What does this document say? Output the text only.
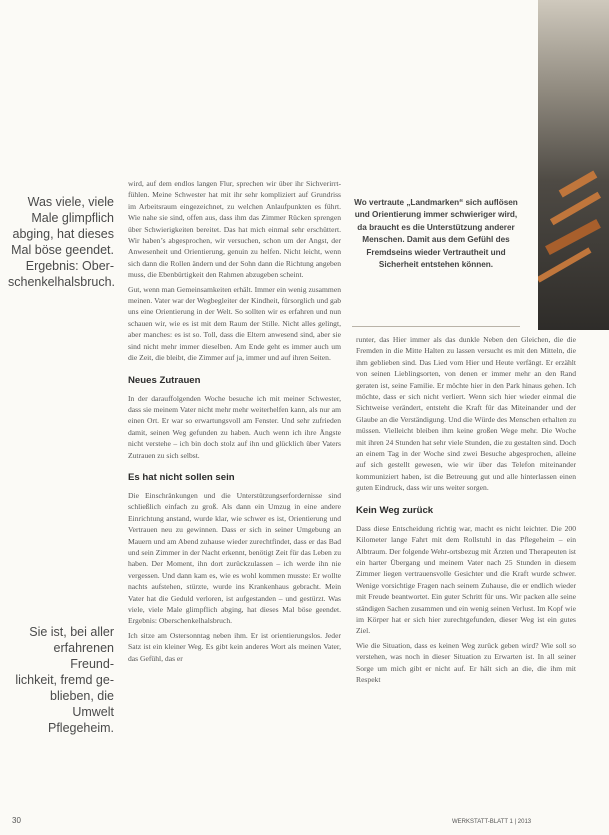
Was viele, viele

Male glimpflich

abging, hat dieses

Mal böse geendet.

Ergebnis: Ober-

schenkelhalsbruch.

Sie ist, bei aller

erfahrenen Freund-

lichkeit, fremd ge-

blieben, die Umwelt

Pflegeheim.

wird, auf dem endlos langen Flur, sprechen wir über ihr Sichverirrt-fühlen. Meine Schwester hat mit ihr sehr kompliziert auf Grundriss im Arbeitsraum eingezeichnet, zu welchen Anlaufpunkten es führt. Wie nahe sie sind, offen aus, dass ihm das Zimmer Rücken sprengen über Schwierigkeiten bereitet. Das hat mich einmal sehr erschüttert. Wir haben’s abgesprochen, wir versuchen, schon um der Angst, der Anwesenheit und Orientierung, genuin zu helfen. Nicht leicht, wenn sich dann die Rollen ändern und der Sohn dann die Richtung angeben muss, die Ebenbürtigkeit den Rahmen abzugeben scheint.

Gut, wenn man Gemeinsamkeiten erhält. Immer ein wenig zusammen meinen. Vater war der Wegbegleiter der Kindheit, fürsorglich und gab uns eine Orientierung in der Welt. So sollten wir es erfahren und nun schauen wir, wie es ist mit dem Raum der Stille. Nicht alles gelingt, aber manches: es ist so. Toll, dass die Eltern anwesend sind, aber sie sind nicht mehr immer dieselben. Am Ende geht es immer auch um die Zeit, die bleibt, die Zimmer auf ja, immer und auf ihren Seiten.

Neues Zutrauen

In der darauffolgenden Woche besuche ich mit meiner Schwester, dass sie meinem Vater nicht mehr mehr weiterhelfen kann, als nur am einen Ort. Er war so erwartungsvoll am Fenster. Und sehr zufrieden damit, seinen Weg gefunden zu haben. Auch wenn ich ihre Ängste nicht verstehe – ich bin doch stolz auf ihn und glücklich über Vaters Zutrauen zu sich selbst.

Es hat nicht sollen sein

Die Einschränkungen und die Unterstützungserfordernisse sind schließlich einfach zu groß. Als dann ein Umzug in eine andere Einrichtung anstand, wurde klar, wie schwer es ist, Orientierung und Vertrauen neu zu gewinnen. Dass er sich in seiner Umgebung an Mauern und am Abend zuhause wieder zurechtfindet, dass er das Bad und sein Zimmer in der Nacht erkennt, benötigt Zeit für das Leben zu haben. Der Moment, ihn dort zurückzulassen – ich werde ihn nie vergessen. Und dann kam es, wie es wohl kommen musste: Er wollte nachts aufstehen, stürzte, wurde ins Krankenhaus gebracht. Mein Vater hat die Geduld verloren, ist aufgestanden – und gestürzt. Was viele, viele Male glimpflich abging, hat dieses Mal böse geendet. Ergebnis: Oberschenkelhalsbruch.

Ich sitze am Ostersonntag neben ihm. Er ist orientierungslos. Jeder Satz ist ein kleiner Weg. Es gibt kein anderes Wort als meinen Vater, das Gefühl, das er

Wo vertraute „Landmarken“ sich auflösen und Orientierung immer schwieriger wird, da braucht es die Unterstützung anderer Menschen. Damit aus dem Gefühl des Fremdseins wieder Vertrautheit und Sicherheit entstehen können.

runter, das Hier immer als das dunkle Neben den Gleichen, die die Fremden in die Mitte Halten zu lassen versucht es mit den Mitteln, die ihm geblieben sind. Das Lied vom Hier und Heute verfängt. Er erzählt von seinen Lieblingsorten, von denen er immer mehr an den Rand geraten ist, seine Familie. Er möchte hier in den Park hinaus gehen. Ich möchte, dass er sich nicht verliert. Wenn sich hier wieder einmal die Sichtweise verändert, entsteht die Kraft für das Miteinander und der Glaube an die Verständigung. Und die Würde des Menschen erhalten zu müssen. Vielleicht bleiben ihm keine großen Wege mehr. Die Woche mit ihren 24 Stunden hat sehr viele Stunden, die zu gestalten sind. Doch an einem Tag in der Woche sind zwei Besuche abgesprochen, alleine auf sich gestellt gewesen, wie wir über das Telefon miteinander kommuniziert haben, ist die Betreuung gut und alle hinterlassen einen guten Eindruck, dass wir uns weiter sorgen.

Kein Weg zurück

Dass diese Entscheidung richtig war, macht es nicht leichter. Die 200 Kilometer lange Fahrt mit dem Rollstuhl in das Pflegeheim – ein Albtraum. Der folgende Wehr-ortsbezug mit Ärzten und Therapeuten ist ein harter Übergang und meinem Vater nach 25 Stunden in diesem Zimmer liegen vertrauensvolle Gesichter und die Kraft wurde schwer. Wenige vorsichtige Fragen nach seinem Zuhause, die er endlich wieder mit Freude beantwortet. Ein guter Schritt für uns. Wir packen alle seine ständigen Sachen zusammen und ein wenig seinen Verlust. Im Kopf wie im Körper hat er sich hier zurechtgefunden, dieser Weg ist ein gutes Ziel.

Wie die Situation, dass es keinen Weg zurück geben wird? Wie soll so verstehen, was noch in dieser Situation zu Erwarten ist. In all seiner Sorge um mich gibt er nicht auf. Er hält sich an die, die ihm mit Respekt

30	WERKSTATT-BLATT 1 | 2013
